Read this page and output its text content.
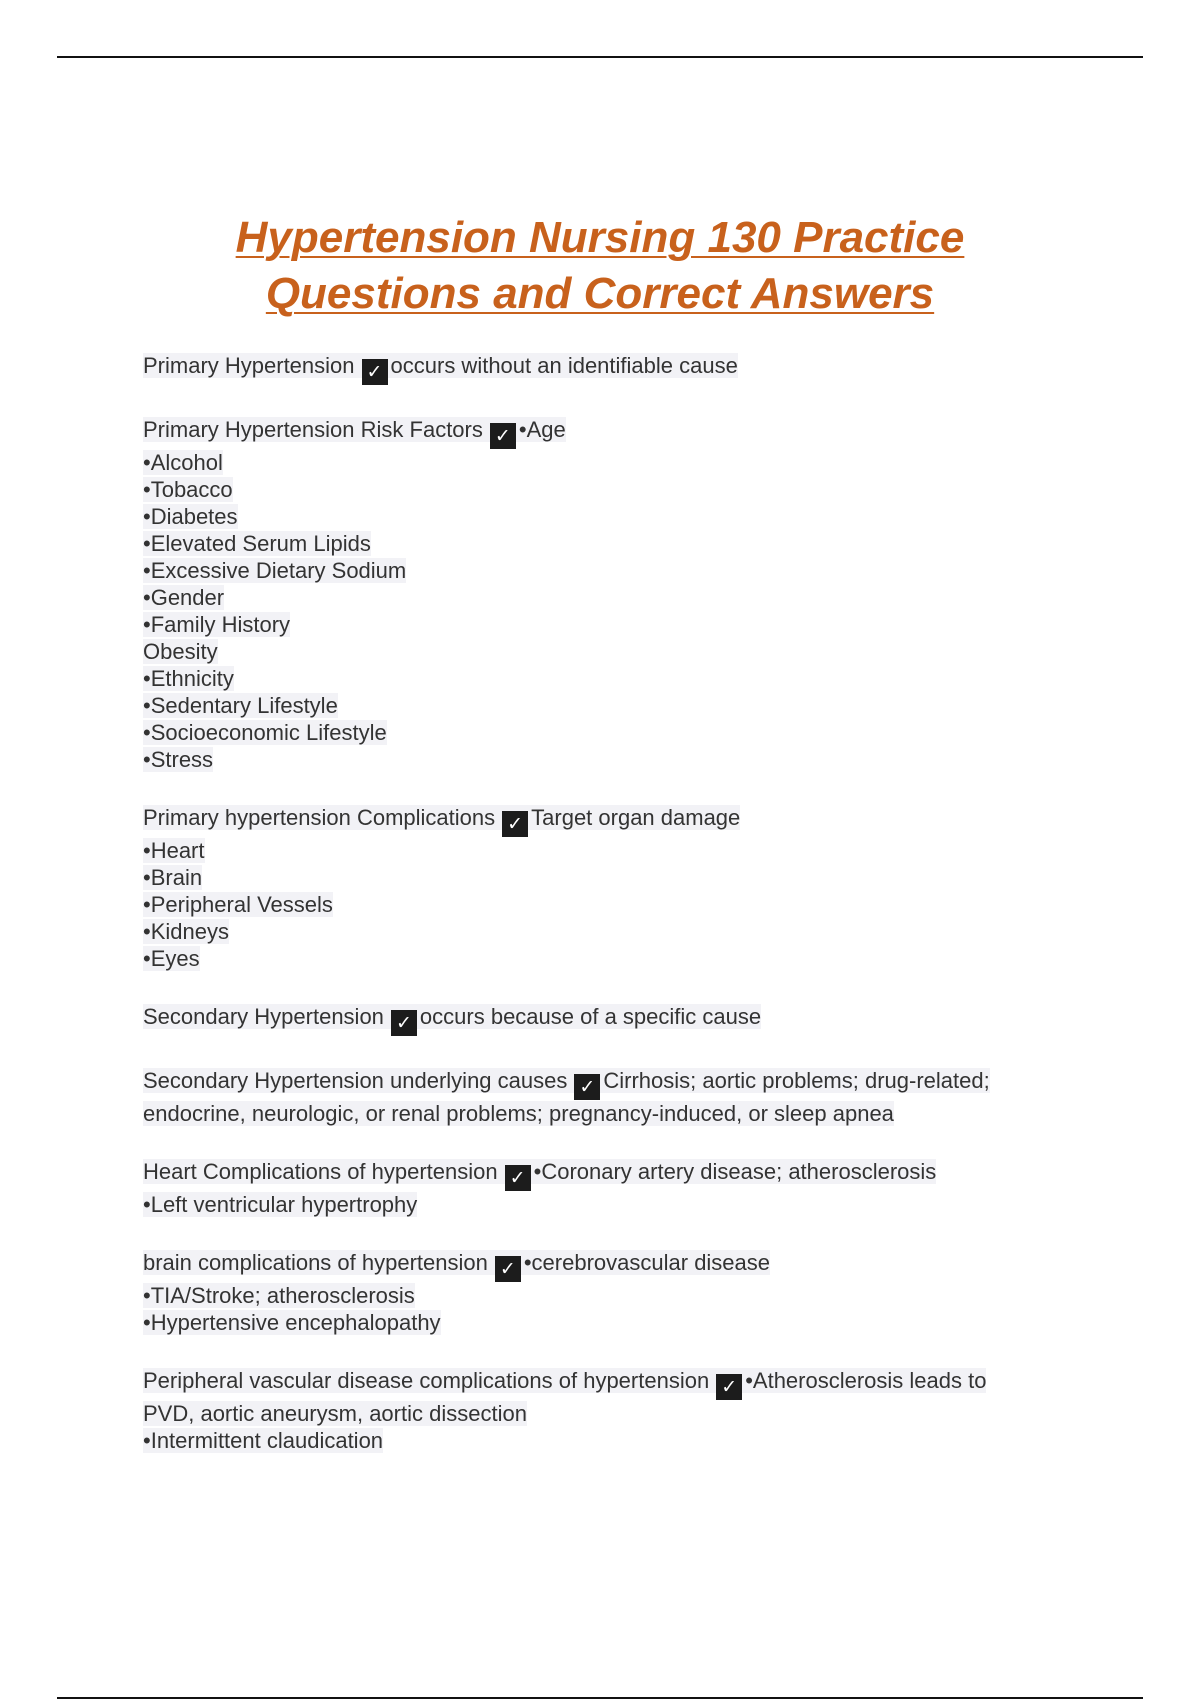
Hypertension Nursing 130 Practice
Questions and Correct Answers
Primary Hypertension ✓ occurs without an identifiable cause
Primary Hypertension Risk Factors ✓ •Age
•Alcohol
•Tobacco
•Diabetes
•Elevated Serum Lipids
•Excessive Dietary Sodium
•Gender
•Family History
Obesity
•Ethnicity
•Sedentary Lifestyle
•Socioeconomic Lifestyle
•Stress
Primary hypertension Complications ✓ Target organ damage
•Heart
•Brain
•Peripheral Vessels
•Kidneys
•Eyes
Secondary Hypertension ✓ occurs because of a specific cause
Secondary Hypertension underlying causes ✓ Cirrhosis; aortic problems; drug-related;
endocrine, neurologic, or renal problems; pregnancy-induced, or sleep apnea
Heart Complications of hypertension ✓ •Coronary artery disease; atherosclerosis
•Left ventricular hypertrophy
brain complications of hypertension ✓ •cerebrovascular disease
•TIA/Stroke; atherosclerosis
•Hypertensive encephalopathy
Peripheral vascular disease complications of hypertension ✓ •Atherosclerosis leads to
PVD, aortic aneurysm, aortic dissection
•Intermittent claudication
